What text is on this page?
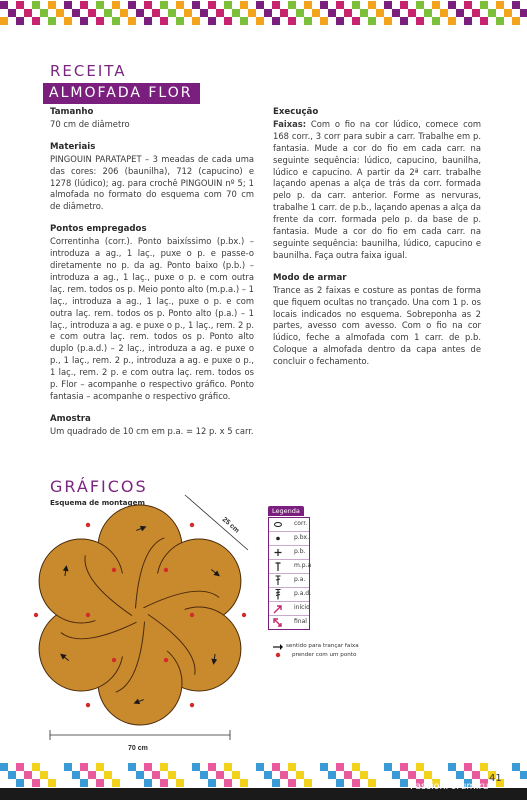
RECEITA
ALMOFADA FLOR
Tamanho

70 cm de diâmetro

Materiais

PINGOUIN PARATAPET – 3 meadas de cada uma das cores: 206 (baunilha), 712 (capucino) e 1278 (lúdico); ag. para crochê PINGOUIN nº 5; 1 almofada no formato do esquema com 70 cm de diâmetro.

Pontos empregados

Correntinha (corr.). Ponto baixíssimo (p.bx.) – introduza a ag., 1 laç., puxe o p. e passe-o diretamente no p. da ag. Ponto baixo (p.b.) – introduza a ag., 1 laç., puxe o p. e com outra laç. rem. todos os p. Meio ponto alto (m.p.a.) – 1 laç., introduza a ag., 1 laç., puxe o p. e com outra laç. rem. todos os p. Ponto alto (p.a.) – 1 laç., introduza a ag. e puxe o p., 1 laç., rem. 2 p. e com outra laç. rem. todos os p. Ponto alto duplo (p.a.d.) – 2 laç., introduza a ag. e puxe o p., 1 laç., rem. 2 p., introduza a ag. e puxe o p., 1 laç., rem. 2 p. e com outra laç. rem. todos os p. Flor – acompanhe o respectivo gráfico. Ponto fantasia – acompanhe o respectivo gráfico.

Amostra

Um quadrado de 10 cm em p.a. = 12 p. x 5 carr.

Execução

Faixas: Com o fio na cor lúdico, comece com 168 corr., 3 corr para subir a carr. Trabalhe em p. fantasia. Mude a cor do fio em cada carr. na seguinte sequência: lúdico, capucino, baunilha, lúdico e capucino. A partir da 2ª carr. trabalhe laçando apenas a alça de trás da corr. formada pelo p. da carr. anterior. Forme as nervuras, trabalhe 1 carr. de p.b., laçando apenas a alça da frente da corr. formada pelo p. da base de p. fantasia. Mude a cor do fio em cada carr. na seguinte sequência: baunilha, lúdico, capucino e baunilha. Faça outra faixa igual.

Modo de armar

Trance as 2 faixas e costure as pontas de forma que fiquem ocultas no trançado. Una com 1 p. os locais indicados no esquema. Sobreponha as 2 partes, avesso com avesso. Com o fio na cor lúdico, feche a almofada com 1 carr. de p.b. Coloque a almofada dentro da capa antes de concluir o fechamento.

GRÁFICOS
Esquema de montagem
25 cm
70 cm
Legenda
corr.
p.bx.
p.b.
m.p.a
p.a.
p.a.d.
início
final
sentido para trançar faixa
prender com um ponto
41
PassionForum.ru
